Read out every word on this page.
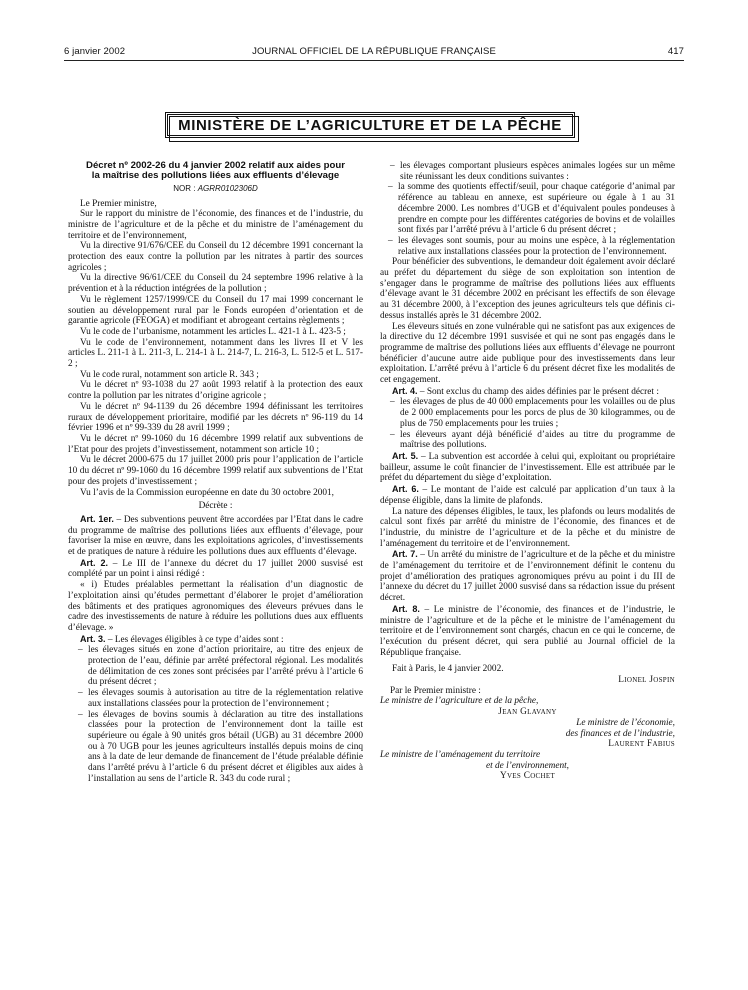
6 janvier 2002	JOURNAL OFFICIEL DE LA RÉPUBLIQUE FRANÇAISE	417
MINISTÈRE DE L’AGRICULTURE ET DE LA PÊCHE
Décret nº 2002-26 du 4 janvier 2002 relatif aux aides pour la maîtrise des pollutions liées aux effluents d’élevage
NOR : AGRR0102306D

Le Premier ministre,

Sur le rapport du ministre de l’économie, des finances et de l’industrie, du ministre de l’agriculture et de la pêche et du ministre de l’aménagement du territoire et de l’environnement,

Vu la directive 91/676/CEE du Conseil du 12 décembre 1991 concernant la protection des eaux contre la pollution par les nitrates à partir des sources agricoles ;

Vu la directive 96/61/CEE du Conseil du 24 septembre 1996 relative à la prévention et à la réduction intégrées de la pollution ;

Vu le règlement 1257/1999/CE du Conseil du 17 mai 1999 concernant le soutien au développement rural par le Fonds européen d’orientation et de garantie agricole (FEOGA) et modifiant et abrogeant certains règlements ;

Vu le code de l’urbanisme, notamment les articles L. 421-1 à L. 423-5 ;

Vu le code de l’environnement, notamment dans les livres II et V les articles L. 211-1 à L. 211-3, L. 214-1 à L. 214-7, L. 216-3, L. 512-5 et L. 517-2 ;

Vu le code rural, notamment son article R. 343 ;

Vu le décret nº 93-1038 du 27 août 1993 relatif à la protection des eaux contre la pollution par les nitrates d’origine agricole ;

Vu le décret nº 94-1139 du 26 décembre 1994 définissant les territoires ruraux de développement prioritaire, modifié par les décrets nº 96-119 du 14 février 1996 et nº 99-339 du 28 avril 1999 ;

Vu le décret nº 99-1060 du 16 décembre 1999 relatif aux subventions de l’Etat pour des projets d’investissement, notamment son article 10 ;

Vu le décret 2000-675 du 17 juillet 2000 pris pour l’application de l’article 10 du décret nº 99-1060 du 16 décembre 1999 relatif aux subventions de l’Etat pour des projets d’investissement ;

Vu l’avis de la Commission européenne en date du 30 octobre 2001,

Décrète :

Art. 1er. – Des subventions peuvent être accordées par l’Etat dans le cadre du programme de maîtrise des pollutions liées aux effluents d’élevage, pour favoriser la mise en œuvre, dans les exploitations agricoles, d’investissements et de pratiques de nature à réduire les pollutions dues aux effluents d’élevage.

Art. 2. – Le III de l’annexe du décret du 17 juillet 2000 susvisé est complété par un point i ainsi rédigé :

« i) Etudes préalables permettant la réalisation d’un diagnostic de l’exploitation ainsi qu’études permettant d’élaborer le projet d’amélioration des bâtiments et des pratiques agronomiques des éleveurs prévues dans le cadre des investissements de nature à réduire les pollutions dues aux effluents d’élevage. »

Art. 3. – Les élevages éligibles à ce type d’aides sont :

– les élevages situés en zone d’action prioritaire, au titre des enjeux de protection de l’eau, définie par arrêté préfectoral régional. Les modalités de délimitation de ces zones sont précisées par l’arrêté prévu à l’article 6 du présent décret ;
– les élevages soumis à autorisation au titre de la réglementation relative aux installations classées pour la protection de l’environnement ;
– les élevages de bovins soumis à déclaration au titre des installations classées pour la protection de l’environnement dont la taille est supérieure ou égale à 90 unités gros bétail (UGB) au 31 décembre 2000 ou à 70 UGB pour les jeunes agriculteurs installés depuis moins de cinq ans à la date de leur demande de financement de l’étude préalable définie dans l’arrêté prévu à l’article 6 du présent décret et éligibles aux aides à l’installation au sens de l’article R. 343 du code rural ;
– les élevages comportant plusieurs espèces animales logées sur un même site réunissant les deux conditions suivantes :
– la somme des quotients effectif/seuil, pour chaque catégorie d’animal par référence au tableau en annexe, est supérieure ou égale à 1 au 31 décembre 2000. Les nombres d’UGB et d’équivalent poules pondeuses à prendre en compte pour les différentes catégories de bovins et de volailles sont fixés par l’arrêté prévu à l’article 6 du présent décret ;
– les élevages sont soumis, pour au moins une espèce, à la réglementation relative aux installations classées pour la protection de l’environnement.

Pour bénéficier des subventions, le demandeur doit également avoir déclaré au préfet du département du siège de son exploitation son intention de s’engager dans le programme de maîtrise des pollutions liées aux effluents d’élevage avant le 31 décembre 2002 en précisant les effectifs de son élevage au 31 décembre 2000, à l’exception des jeunes agriculteurs tels que définis ci-dessus installés après le 31 décembre 2002.

Les éleveurs situés en zone vulnérable qui ne satisfont pas aux exigences de la directive du 12 décembre 1991 susvisée et qui ne sont pas engagés dans le programme de maîtrise des pollutions liées aux effluents d’élevage ne pourront bénéficier d’aucune autre aide publique pour des investissements dans leur exploitation. L’arrêté prévu à l’article 6 du présent décret fixe les modalités de cet engagement.

Art. 4. – Sont exclus du champ des aides définies par le présent décret :

– les élevages de plus de 40 000 emplacements pour les volailles ou de plus de 2 000 emplacements pour les porcs de plus de 30 kilogrammes, ou de plus de 750 emplacements pour les truies ;
– les éleveurs ayant déjà bénéficié d’aides au titre du programme de maîtrise des pollutions.

Art. 5. – La subvention est accordée à celui qui, exploitant ou propriétaire bailleur, assume le coût financier de l’investissement. Elle est attribuée par le préfet du département du siège d’exploitation.

Art. 6. – Le montant de l’aide est calculé par application d’un taux à la dépense éligible, dans la limite de plafonds.

La nature des dépenses éligibles, le taux, les plafonds ou leurs modalités de calcul sont fixés par arrêté du ministre de l’économie, des finances et de l’industrie, du ministre de l’agriculture et de la pêche et du ministre de l’aménagement du territoire et de l’environnement.

Art. 7. – Un arrêté du ministre de l’agriculture et de la pêche et du ministre de l’aménagement du territoire et de l’environnement définit le contenu du projet d’amélioration des pratiques agronomiques prévu au point i du III de l’annexe du décret du 17 juillet 2000 susvisé dans sa rédaction issue du présent décret.

Art. 8. – Le ministre de l’économie, des finances et de l’industrie, le ministre de l’agriculture et de la pêche et le ministre de l’aménagement du territoire et de l’environnement sont chargés, chacun en ce qui le concerne, de l’exécution du présent décret, qui sera publié au Journal officiel de la République française.

Fait à Paris, le 4 janvier 2002.

Lionel Jospin

Par le Premier ministre :

Le ministre de l’agriculture et de la pêche,

Jean Glavany

Le ministre de l’économie,

des finances et de l’industrie,

Laurent Fabius

Le ministre de l’aménagement du territoire

et de l’environnement,

Yves Cochet
